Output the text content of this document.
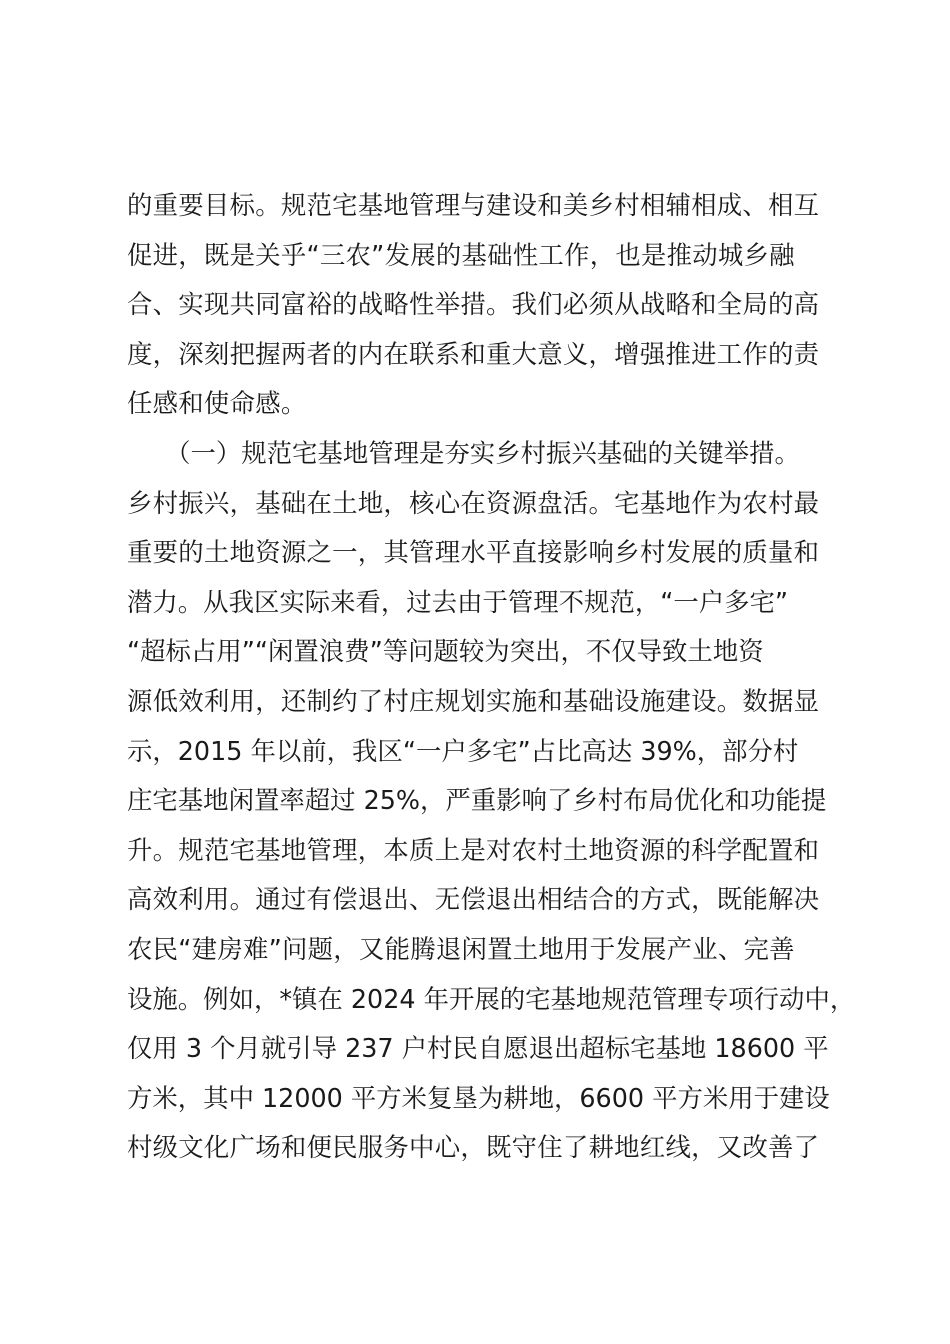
的重要目标。规范宅基地管理与建设和美乡村相辅相成、相互
促进，既是关乎“三农”发展的基础性工作，也是推动城乡融
合、实现共同富裕的战略性举措。我们必须从战略和全局的高
度，深刻把握两者的内在联系和重大意义，增强推进工作的责
任感和使命感。
　　（一）规范宅基地管理是夯实乡村振兴基础的关键举措。
乡村振兴，基础在土地，核心在资源盘活。宅基地作为农村最
重要的土地资源之一，其管理水平直接影响乡村发展的质量和
潜力。从我区实际来看，过去由于管理不规范，“一户多宅”
“超标占用”“闲置浪费”等问题较为突出，不仅导致土地资
源低效利用，还制约了村庄规划实施和基础设施建设。数据显
示，2015 年以前，我区“一户多宅”占比高达 39%，部分村
庄宅基地闲置率超过 25%，严重影响了乡村布局优化和功能提
升。规范宅基地管理，本质上是对农村土地资源的科学配置和
高效利用。通过有偿退出、无偿退出相结合的方式，既能解决
农民“建房难”问题，又能腾退闲置土地用于发展产业、完善
设施。例如，*镇在 2024 年开展的宅基地规范管理专项行动中，
仅用 3 个月就引导 237 户村民自愿退出超标宅基地 18600 平
方米，其中 12000 平方米复垦为耕地，6600 平方米用于建设
村级文化广场和便民服务中心，既守住了耕地红线，又改善了
